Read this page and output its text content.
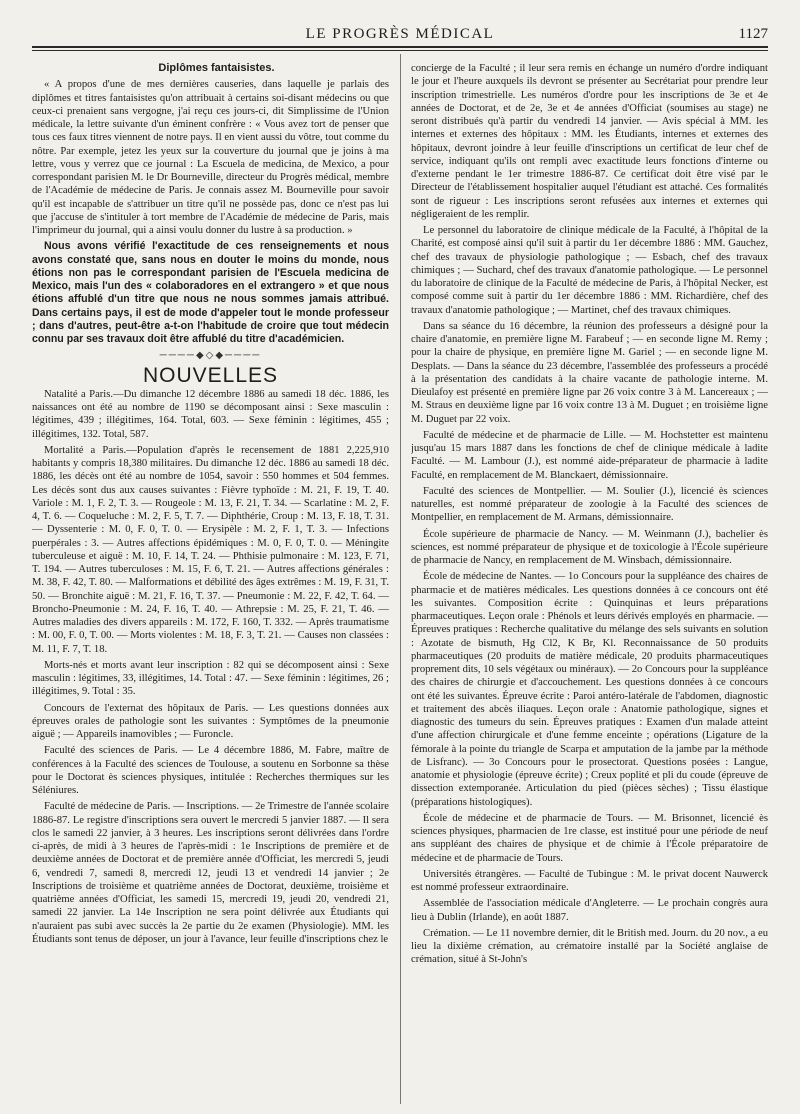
LE PROGRÈS MÉDICAL	1127

Diplômes fantaisistes.

« A propos d'une de mes dernières causeries, dans laquelle je parlais des diplômes et titres fantaisistes qu'on attribuait à certains soi-disant médecins ou que ceux-ci prenaient sans vergogne, j'ai reçu ces jours-ci, dit Simplissime de l'Union médicale, la lettre suivante d'un éminent confrère : « Vous avez tort de penser que tous ces faux titres viennent de notre pays. Il en vient aussi du vôtre, tout comme du nôtre. Par exemple, jetez les yeux sur la couverture du journal que je joins à ma lettre, vous y verrez que ce journal : La Escuela de medicina, de Mexico, a pour correspondant parisien M. le Dr Bourneville, directeur du Progrès médical, membre de l'Académie de médecine de Paris. Je connais assez M. Bourneville pour savoir qu'il est incapable de s'attribuer un titre qu'il ne possède pas, donc ce n'est pas lui que j'accuse de s'intituler à tort membre de l'Académie de médecine de Paris, mais l'imprimeur du journal, qui a ainsi voulu donner du lustre à sa production. »

Nous avons vérifié l'exactitude de ces renseignements et nous avons constaté que, sans nous en douter le moins du monde, nous étions non pas le correspondant parisien de l'Escuela medicina de Mexico, mais l'un des « colaboradores en el extrangero » et que nous étions affublé d'un titre que nous ne nous sommes jamais attribué. Dans certains pays, il est de mode d'appeler tout le monde professeur ; dans d'autres, peut-être a-t-on l'habitude de croire que tout médecin connu par ses travaux doit être affublé du titre d'académicien.

────◆◇◆────
NOUVELLES

Natalité a Paris.—Du dimanche 12 décembre 1886 au samedi 18 déc. 1886, les naissances ont été au nombre de 1190 se décomposant ainsi : Sexe masculin : légitimes, 439 ; illégitimes, 164. Total, 603. — Sexe féminin : légitimes, 455 ; illégitimes, 132. Total, 587.

Mortalité a Paris.—Population d'après le recensement de 1881 2,225,910 habitants y compris 18,380 militaires. Du dimanche 12 déc. 1886 au samedi 18 déc. 1886, les décès ont été au nombre de 1054, savoir : 550 hommes et 504 femmes. Les décès sont dus aux causes suivantes : Fièvre typhoïde : M. 21, F. 19, T. 40. Variole : M. 1, F. 2, T. 3. — Rougeole : M. 13, F. 21, T. 34. — Scarlatine : M. 2, F. 4, T. 6. — Coqueluche : M. 2, F. 5, T. 7. — Diphthérie, Croup : M. 13, F. 18, T. 31. — Dyssenterie : M. 0, F. 0, T. 0. — Erysipèle : M. 2, F. 1, T. 3. — Infections puerpérales : 3. — Autres affections épidémiques : M. 0, F. 0, T. 0. — Méningite tuberculeuse et aiguë : M. 10, F. 14, T. 24. — Phthisie pulmonaire : M. 123, F. 71, T. 194. — Autres tuberculoses : M. 15, F. 6, T. 21. — Autres affections générales : M. 38, F. 42, T. 80. — Malformations et débilité des âges extrêmes : M. 19, F. 31, T. 50. — Bronchite aiguë : M. 21, F. 16, T. 37. — Pneumonie : M. 22, F. 42, T. 64. — Broncho-Pneumonie : M. 24, F. 16, T. 40. — Athrepsie : M. 25, F. 21, T. 46. — Autres maladies des divers appareils : M. 172, F. 160, T. 332. — Après traumatisme : M. 00, F. 0, T. 00. — Morts violentes : M. 18, F. 3, T. 21. — Causes non classées : M. 11, F. 7, T. 18.

Morts-nés et morts avant leur inscription : 82 qui se décomposent ainsi : Sexe masculin : légitimes, 33, illégitimes, 14. Total : 47. — Sexe féminin : légitimes, 26 ; illégitimes, 9. Total : 35.

Concours de l'externat des hôpitaux de Paris. — Les questions données aux épreuves orales de pathologie sont les suivantes : Symptômes de la pneumonie aiguë ; — Appareils inamovibles ; — Furoncle.

Faculté des sciences de Paris. — Le 4 décembre 1886, M. Fabre, maître de conférences à la Faculté des sciences de Toulouse, a soutenu en Sorbonne sa thèse pour le Doctorat ès sciences physiques, intitulée : Recherches thermiques sur les Séléniures.

Faculté de médecine de Paris. — Inscriptions. — 2e Trimestre de l'année scolaire 1886-87. Le registre d'inscriptions sera ouvert le mercredi 5 janvier 1887. — Il sera clos le samedi 22 janvier, à 3 heures. Les inscriptions seront délivrées dans l'ordre ci-après, de midi à 3 heures de l'après-midi : 1e Inscriptions de première et de deuxième années de Doctorat et de première année d'Officiat, les mercredi 5, jeudi 6, vendredi 7, samedi 8, mercredi 12, jeudi 13 et vendredi 14 janvier ; 2e Inscriptions de troisième et quatrième années de Doctorat, deuxième, troisième et quatrième années d'Officiat, les samedi 15, mercredi 19, jeudi 20, vendredi 21, samedi 22 janvier. La 14e Inscription ne sera point délivrée aux Étudiants qui n'auraient pas subi avec succès la 2e partie du 2e examen (Physiologie). MM. les Étudiants sont tenus de déposer, un jour à l'avance, leur feuille d'inscriptions chez le

concierge de la Faculté ; il leur sera remis en échange un numéro d'ordre indiquant le jour et l'heure auxquels ils devront se présenter au Secrétariat pour prendre leur inscription trimestrielle. Les numéros d'ordre pour les inscriptions de 3e et 4e années de Doctorat, et de 2e, 3e et 4e années d'Officiat (soumises au stage) ne seront distribués qu'à partir du vendredi 14 janvier. — Avis spécial à MM. les internes et externes des hôpitaux : MM. les Étudiants, internes et externes des hôpitaux, devront joindre à leur feuille d'inscriptions un certificat de leur chef de service, indiquant qu'ils ont rempli avec exactitude leurs fonctions d'interne ou d'externe pendant le 1er trimestre 1886-87. Ce certificat doit être visé par le Directeur de l'établissement hospitalier auquel l'étudiant est attaché. Ces formalités sont de rigueur : Les inscriptions seront refusées aux internes et externes qui négligeraient de les remplir.

Le personnel du laboratoire de clinique médicale de la Faculté, à l'hôpital de la Charité, est composé ainsi qu'il suit à partir du 1er décembre 1886 : MM. Gauchez, chef des travaux de physiologie pathologique ; — Esbach, chef des travaux chimiques ; — Suchard, chef des travaux d'anatomie pathologique. — Le personnel du laboratoire de clinique de la Faculté de médecine de Paris, à l'hôpital Necker, est composé comme suit à partir du 1er décembre 1886 : MM. Richardière, chef des travaux d'anatomie pathologique ; — Martinet, chef des travaux chimiques.

Dans sa séance du 16 décembre, la réunion des professeurs a désigné pour la chaire d'anatomie, en première ligne M. Farabeuf ; — en seconde ligne M. Remy ; pour la chaire de physique, en première ligne M. Gariel ; — en seconde ligne M. Desplats. — Dans la séance du 23 décembre, l'assemblée des professeurs a procédé à la présentation des candidats à la chaire vacante de pathologie interne. M. Dieulafoy est présenté en première ligne par 26 voix contre 3 à M. Lancereaux ; — M. Straus en deuxième ligne par 16 voix contre 13 à M. Duguet ; en troisième ligne M. Duguet par 22 voix.

Faculté de médecine et de pharmacie de Lille. — M. Hochstetter est maintenu jusqu'au 15 mars 1887 dans les fonctions de chef de clinique médicale à ladite Faculté. — M. Lambour (J.), est nommé aide-préparateur de pharmacie à ladite Faculté, en remplacement de M. Blanckaert, démissionnaire.

Faculté des sciences de Montpellier. — M. Soulier (J.), licencié ès sciences naturelles, est nommé préparateur de zoologie à la Faculté des sciences de Montpellier, en remplacement de M. Armans, démissionnaire.

École supérieure de pharmacie de Nancy. — M. Weinmann (J.), bachelier ès sciences, est nommé préparateur de physique et de toxicologie à l'École supérieure de pharmacie de Nancy, en remplacement de M. Winsbach, démissionnaire.

École de médecine de Nantes. — 1o Concours pour la suppléance des chaires de pharmacie et de matières médicales. Les questions données à ce concours ont été les suivantes. Composition écrite : Quinquinas et leurs préparations pharmaceutiques. Leçon orale : Phénols et leurs dérivés employés en pharmacie. — Épreuves pratiques : Recherche qualitative du mélange des sels suivants en solution : Azotate de bismuth, Hg Cl2, K Br, Kl. Reconnaissance de 50 produits pharmaceutiques (20 produits de matière médicale, 20 produits pharmaceutiques proprement dits, 10 sels végétaux ou minéraux). — 2o Concours pour la suppléance des chaires de chirurgie et d'accouchement. Les questions données à ce concours ont été les suivantes. Épreuve écrite : Paroi antéro-latérale de l'abdomen, diagnostic et traitement des abcès iliaques. Leçon orale : Anatomie pathologique, signes et diagnostic des tumeurs du sein. Épreuves pratiques : Examen d'un malade atteint d'une affection chirurgicale et d'une femme enceinte ; opérations (Ligature de la fémorale à la pointe du triangle de Scarpa et amputation de la jambe par la méthode de Lisfranc). — 3o Concours pour le prosectorat. Questions posées : Langue, anatomie et physiologie (épreuve écrite) ; Creux poplité et pli du coude (épreuve de dissection extemporanée. Articulation du pied (pièces sèches) ; Tissu élastique (préparations histologiques).

École de médecine et de pharmacie de Tours. — M. Brisonnet, licencié ès sciences physiques, pharmacien de 1re classe, est institué pour une période de neuf ans suppléant des chaires de physique et de chimie à l'École préparatoire de médecine et de pharmacie de Tours.

Universités étrangères. — Faculté de Tubingue : M. le privat docent Nauwerck est nommé professeur extraordinaire.

Assemblée de l'association médicale d'Angleterre. — Le prochain congrès aura lieu à Dublin (Irlande), en août 1887.

Crémation. — Le 11 novembre dernier, dit le British med. Journ. du 20 nov., a eu lieu la dixième crémation, au crématoire installé par la Société anglaise de crémation, situé à St-John's
